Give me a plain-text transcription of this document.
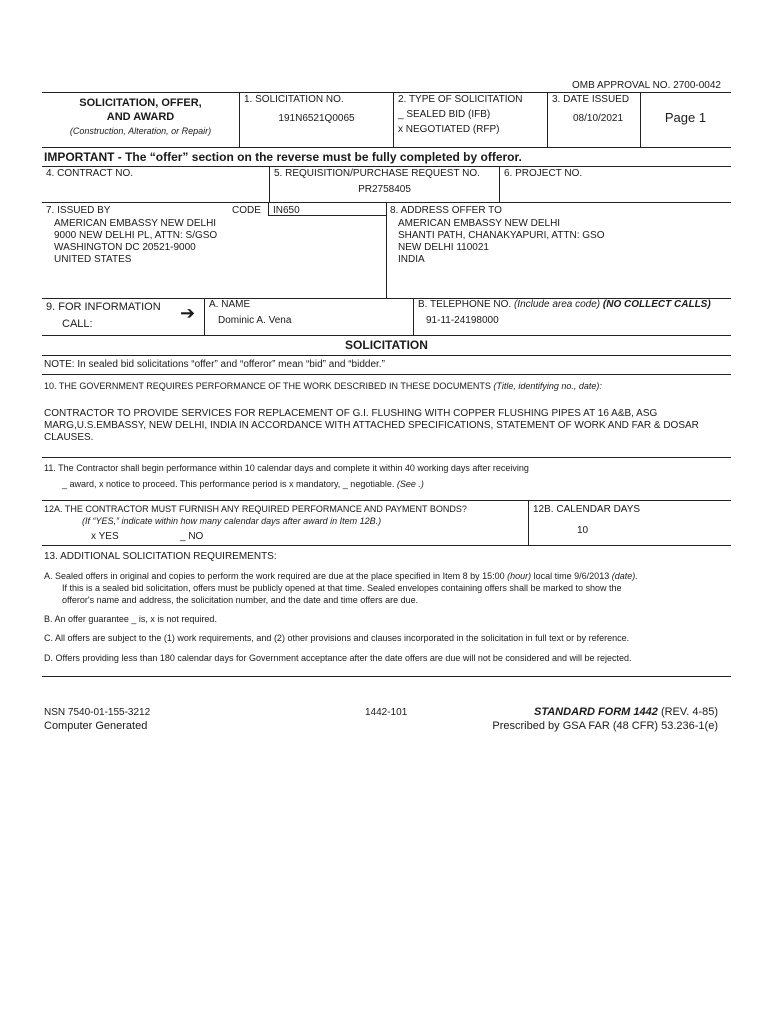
OMB APPROVAL NO. 2700-0042
SOLICITATION, OFFER,
AND AWARD
(Construction, Alteration, or Repair)
1. SOLICITATION NO.
191N6521Q0065
2. TYPE OF SOLICITATION
_ SEALED BID (IFB)
x NEGOTIATED (RFP)
3. DATE ISSUED
08/10/2021	Page 1
IMPORTANT - The “offer” section on the reverse must be fully completed by offeror.
4. CONTRACT NO.	5. REQUISITION/PURCHASE REQUEST NO.
PR2758405
6. PROJECT NO.
7. ISSUED BY	CODE IN650
AMERICAN EMBASSY NEW DELHI
9000 NEW DELHI PL, ATTN: S/GSO
WASHINGTON DC 20521-9000
UNITED STATES
8. ADDRESS OFFER TO
AMERICAN EMBASSY NEW DELHI
SHANTI PATH, CHANAKYAPURI, ATTN: GSO
NEW DELHI 110021
INDIA
9. FOR INFORMATION
CALL:
➔ A. NAME
Dominic A. Vena
B. TELEPHONE NO. (Include area code) (NO COLLECT CALLS)
91-11-24198000
SOLICITATION
NOTE: In sealed bid solicitations “offer” and “offeror” mean “bid” and “bidder.”
10. THE GOVERNMENT REQUIRES PERFORMANCE OF THE WORK DESCRIBED IN THESE DOCUMENTS (Title, identifying no., date):
CONTRACTOR TO PROVIDE SERVICES FOR REPLACEMENT OF G.I. FLUSHING WITH COPPER FLUSHING PIPES AT 16 A&B, ASG
MARG,U.S.EMBASSY, NEW DELHI, INDIA IN ACCORDANCE WITH ATTACHED SPECIFICATIONS, STATEMENT OF WORK AND FAR & DOSAR
CLAUSES.
11. The Contractor shall begin performance within 10 calendar days and complete it within 40 working days after receiving
_ award, x notice to proceed. This performance period is x mandatory, _ negotiable. (See .)
12A. THE CONTRACTOR MUST FURNISH ANY REQUIRED PERFORMANCE AND PAYMENT BONDS?
(If “YES,” indicate within how many calendar days after award in Item 12B.)
x YES	_ NO
12B. CALENDAR DAYS
10
13. ADDITIONAL SOLICITATION REQUIREMENTS:
A. Sealed offers in original and copies to perform the work required are due at the place specified in Item 8 by 15:00 (hour) local time 9/6/2013 (date).
If this is a sealed bid solicitation, offers must be publicly opened at that time. Sealed envelopes containing offers shall be marked to show the
offeror's name and address, the solicitation number, and the date and time offers are due.
B. An offer guarantee _ is, x is not required.
C. All offers are subject to the (1) work requirements, and (2) other provisions and clauses incorporated in the solicitation in full text or by reference.
D. Offers providing less than 180 calendar days for Government acceptance after the date offers are due will not be considered and will be rejected.
NSN 7540-01-155-3212
Computer Generated
1442-101	STANDARD FORM 1442 (REV. 4-85)
Prescribed by GSA FAR (48 CFR) 53.236-1(e)
